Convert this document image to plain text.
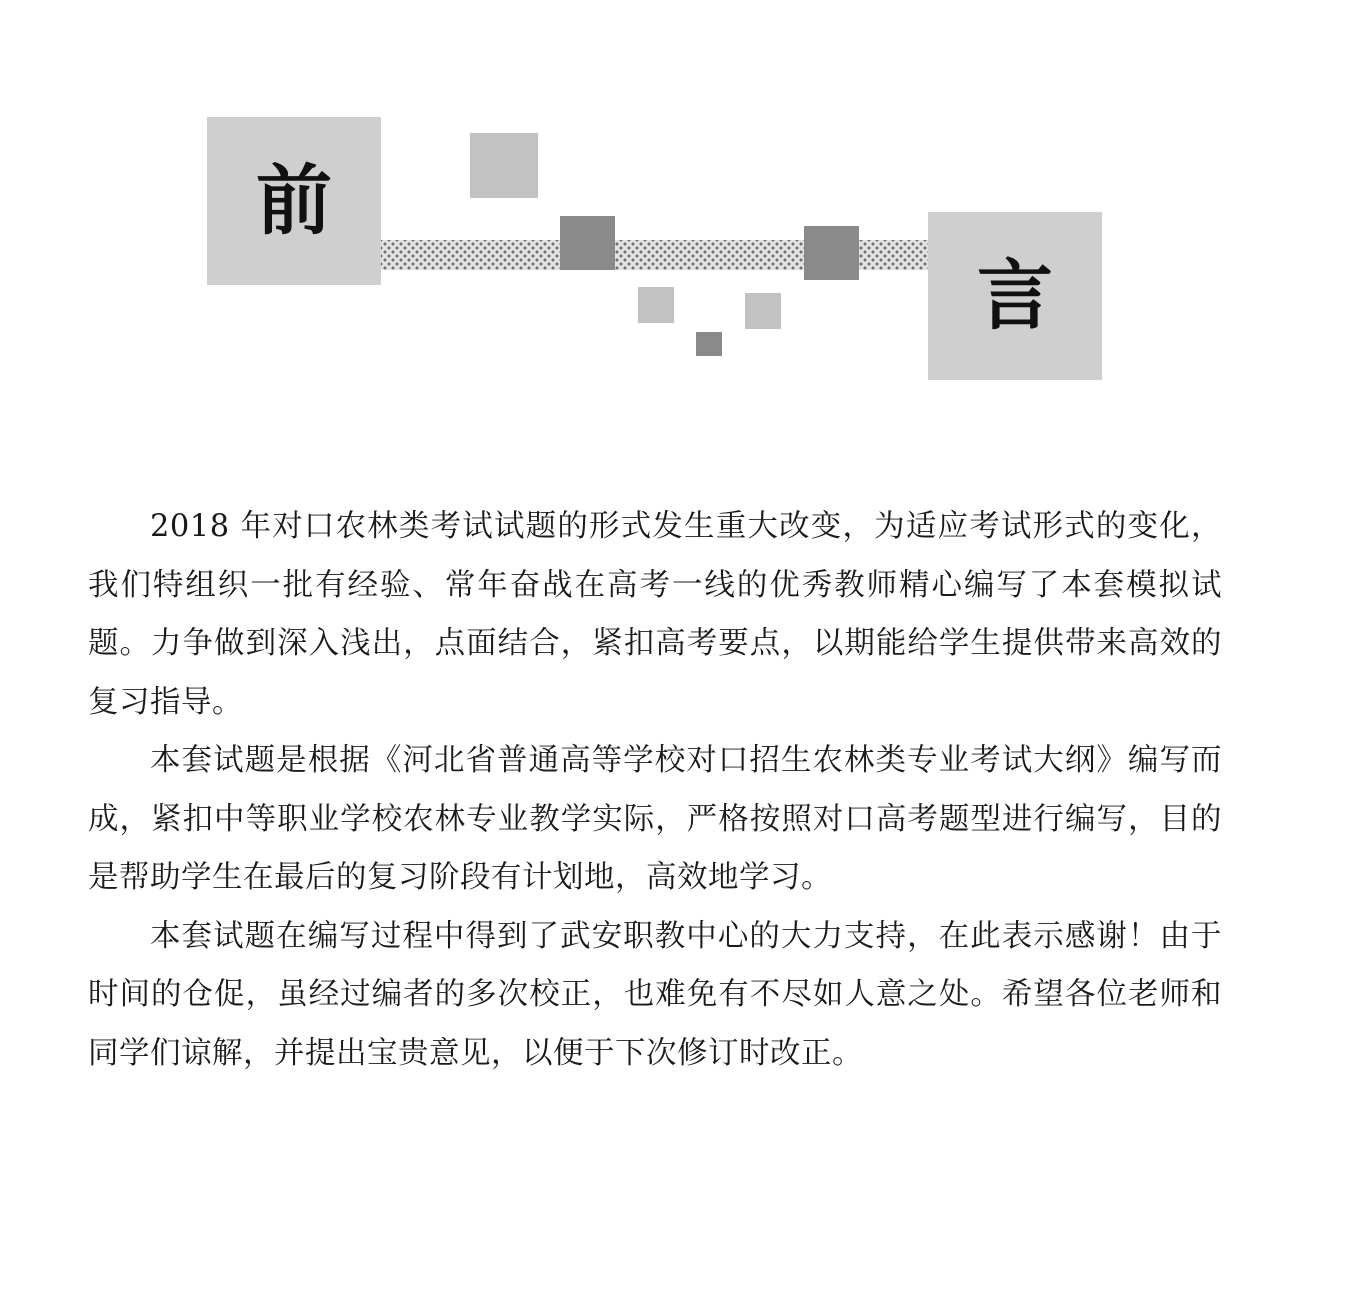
前
言

2018 年对口农林类考试试题的形式发生重大改变，为适应考试形式的变化，我们特组织一批有经验、常年奋战在高考一线的优秀教师精心编写了本套模拟试题。力争做到深入浅出，点面结合，紧扣高考要点，以期能给学生提供带来高效的复习指导。

本套试题是根据《河北省普通高等学校对口招生农林类专业考试大纲》编写而成，紧扣中等职业学校农林专业教学实际，严格按照对口高考题型进行编写，目的是帮助学生在最后的复习阶段有计划地，高效地学习。

本套试题在编写过程中得到了武安职教中心的大力支持，在此表示感谢！由于时间的仓促，虽经过编者的多次校正，也难免有不尽如人意之处。希望各位老师和同学们谅解，并提出宝贵意见，以便于下次修订时改正。
